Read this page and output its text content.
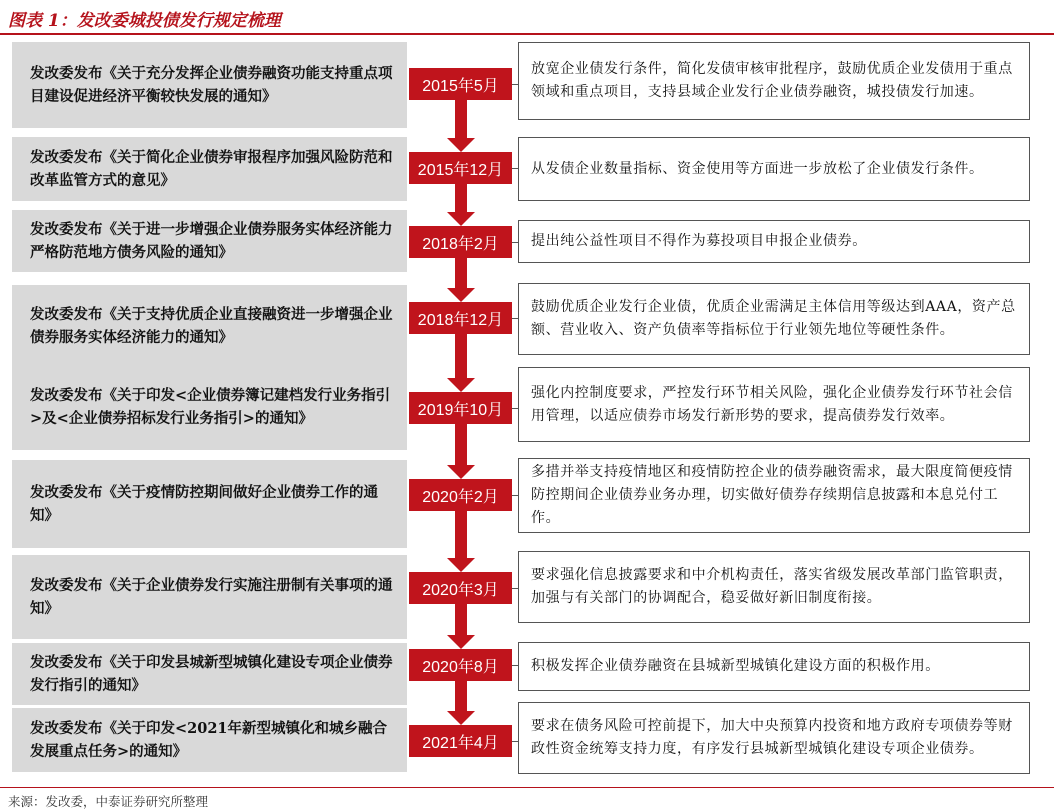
图表 1：发改委城投债发行规定梳理
发改委发布《关于充分发挥企业债券融资功能支持重点项目建设促进经济平衡较快发展的通知》
放宽企业债发行条件，简化发债审核审批程序，鼓励优质企业发债用于重点领域和重点项目，支持县域企业发行企业债券融资，城投债发行加速。
2015年5月
发改委发布《关于简化企业债券审报程序加强风险防范和改革监管方式的意见》
从发债企业数量指标、资金使用等方面进一步放松了企业债发行条件。
2015年12月
发改委发布《关于进一步增强企业债券服务实体经济能力严格防范地方债务风险的通知》
提出纯公益性项目不得作为募投项目申报企业债券。
2018年2月
发改委发布《关于支持优质企业直接融资进一步增强企业债券服务实体经济能力的通知》
鼓励优质企业发行企业债，优质企业需满足主体信用等级达到AAA，资产总额、营业收入、资产负债率等指标位于行业领先地位等硬性条件。
2018年12月
发改委发布《关于印发<企业债券簿记建档发行业务指引>及<企业债券招标发行业务指引>的通知》
强化内控制度要求，严控发行环节相关风险，强化企业债券发行环节社会信用管理，以适应债券市场发行新形势的要求，提高债券发行效率。
2019年10月
发改委发布《关于疫情防控期间做好企业债券工作的通知》
多措并举支持疫情地区和疫情防控企业的债券融资需求，最大限度简便疫情防控期间企业债券业务办理，切实做好债券存续期信息披露和本息兑付工作。
2020年2月
发改委发布《关于企业债券发行实施注册制有关事项的通知》
要求强化信息披露要求和中介机构责任，落实省级发展改革部门监管职责，加强与有关部门的协调配合，稳妥做好新旧制度衔接。
2020年3月
发改委发布《关于印发县城新型城镇化建设专项企业债券发行指引的通知》
积极发挥企业债券融资在县城新型城镇化建设方面的积极作用。
2020年8月
发改委发布《关于印发<2021年新型城镇化和城乡融合发展重点任务>的通知》
要求在债务风险可控前提下，加大中央预算内投资和地方政府专项债券等财政性资金统筹支持力度，有序发行县城新型城镇化建设专项企业债券。
2021年4月
来源：发改委，中泰证券研究所整理
